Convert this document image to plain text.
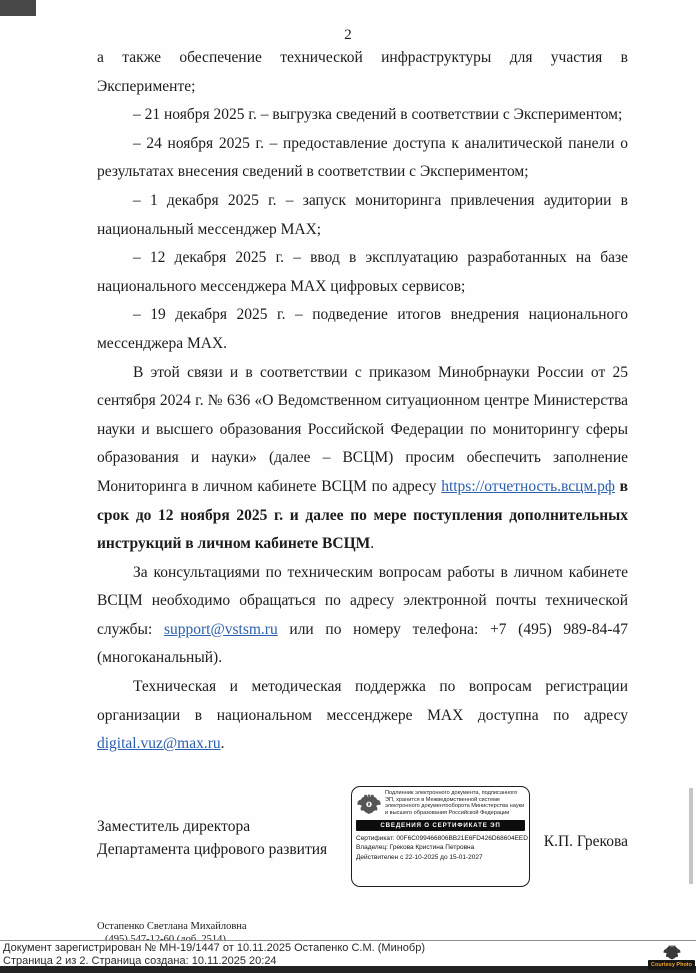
2

а также обеспечение технической инфраструктуры для участия в Эксперименте;

– 21 ноября 2025 г. – выгрузка сведений в соответствии с Экспериментом;

– 24 ноября 2025 г. – предоставление доступа к аналитической панели о результатах внесения сведений в соответствии с Экспериментом;

– 1 декабря 2025 г. – запуск мониторинга привлечения аудитории в национальный мессенджер MAX;

– 12 декабря 2025 г. – ввод в эксплуатацию разработанных на базе национального мессенджера MAX цифровых сервисов;

– 19 декабря 2025 г. – подведение итогов внедрения национального мессенджера MAX.

В этой связи и в соответствии с приказом Минобрнауки России от 25 сентября 2024 г. № 636 «О Ведомственном ситуационном центре Министерства науки и высшего образования Российской Федерации по мониторингу сферы образования и науки» (далее – ВСЦМ) просим обеспечить заполнение Мониторинга в личном кабинете ВСЦМ по адресу https://отчетность.всцм.рф в срок до 12 ноября 2025 г. и далее по мере поступления дополнительных инструкций в личном кабинете ВСЦМ.

За консультациями по техническим вопросам работы в личном кабинете ВСЦМ необходимо обращаться по адресу электронной почты технической службы: support@vstsm.ru или по номеру телефона: +7 (495) 989-84-47 (многоканальный).

Техническая и методическая поддержка по вопросам регистрации организации в национальном мессенджере MAX доступна по адресу digital.vuz@max.ru.

Заместитель директора
Департамента цифрового развития	К.П. Грекова
Подлинник электронного документа, подписанного ЭП, хранится в Межведомственной системе электронного документооборота Министерства науки и высшего образования Российской Федерации
СВЕДЕНИЯ О СЕРТИФИКАТЕ ЭП
Сертификат: 00F6C099466806BB21E6FD426D68604EED
Владелец: Грекова Кристина Петровна
Действителен с 22-10-2025 до 15-01-2027
Остапенко Светлана Михайловна
Документ зарегистрирован № МН-19/1447 от 10.11.2025 Остапенко С.М. (Минобр)
Страница 2 из 2. Страница создана: 10.11.2025 20:24	Courtesy Photo
